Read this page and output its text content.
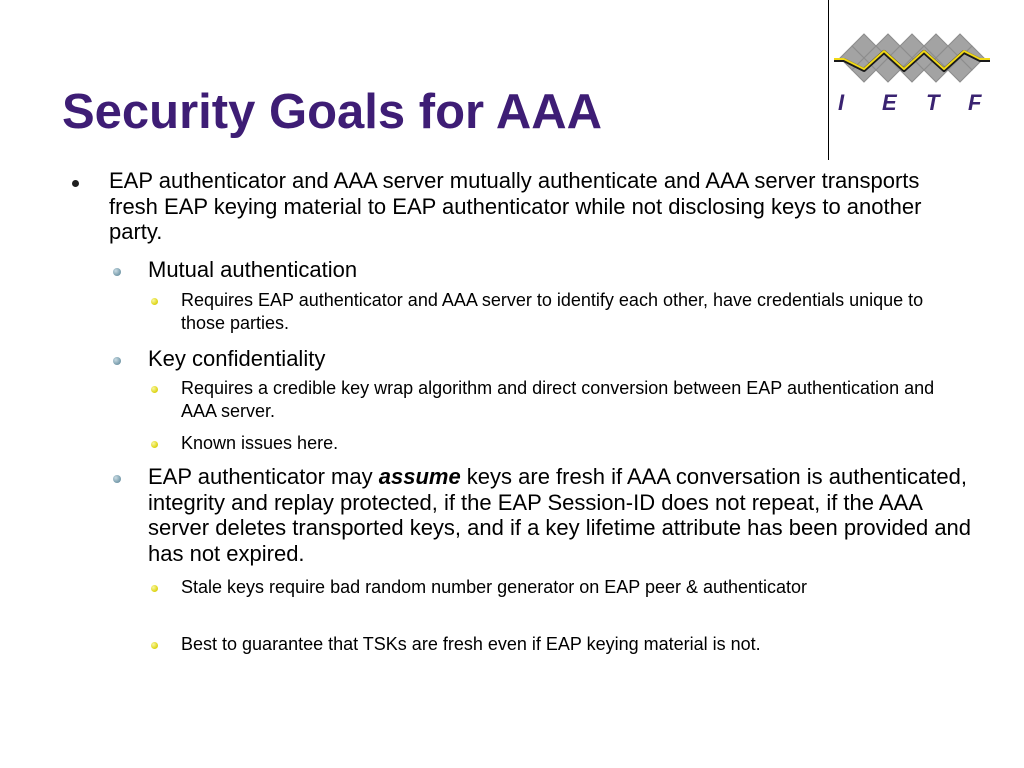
I E T F
Security Goals for AAA
EAP authenticator and AAA server mutually authenticate and AAA server transports fresh EAP keying material to EAP authenticator while not disclosing keys to another party.
Mutual authentication
Requires EAP authenticator and AAA server to identify each other, have credentials unique to those parties.
Key confidentiality
Requires a credible key wrap algorithm and direct conversion between EAP authentication and AAA server.
Known issues here.
EAP authenticator may assume keys are fresh if AAA conversation is authenticated, integrity and replay protected, if the EAP Session-ID does not repeat, if the AAA server deletes transported keys, and if a key lifetime attribute has been provided and has not expired.
Stale keys require bad random number generator on EAP peer & authenticator
Best to guarantee that TSKs are fresh even if EAP keying material is not.
